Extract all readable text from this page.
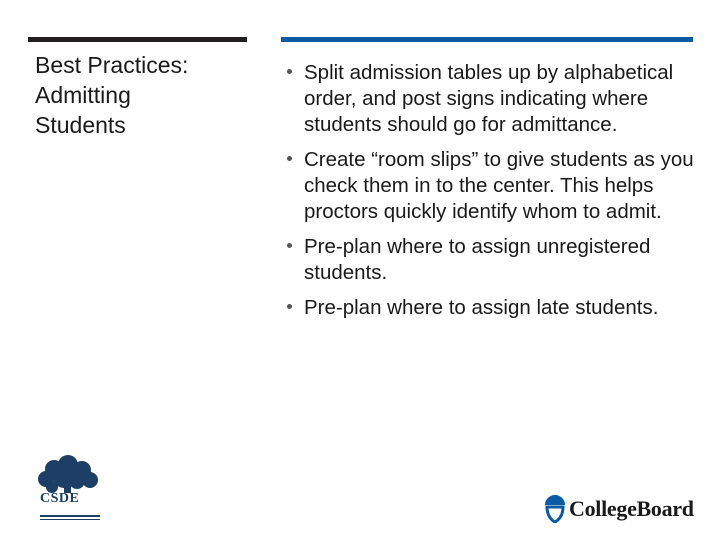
Best Practices:
Admitting
Students
Split admission tables up by alphabetical order, and post signs indicating where students should go for admittance.
Create “room slips” to give students as you check them in to the center. This helps proctors quickly identify whom to admit.
Pre-plan where to assign unregistered students.
Pre-plan where to assign late students.
CSDE	CollegeBoard
